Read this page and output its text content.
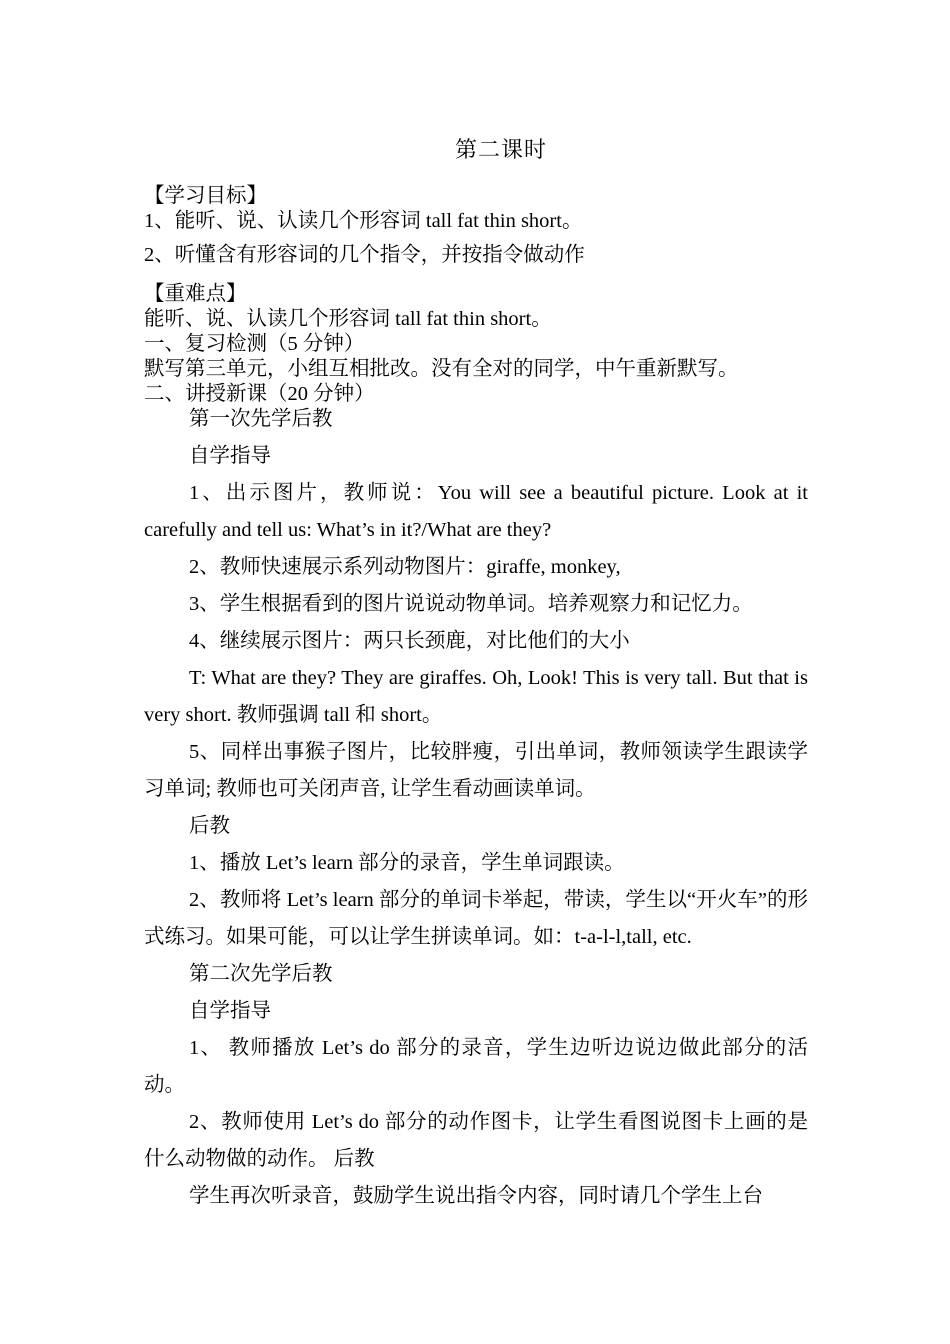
第二课时

【学习目标】

1、能听、说、认读几个形容词 tall fat thin short。

2、听懂含有形容词的几个指令，并按指令做动作

【重难点】

能听、说、认读几个形容词 tall fat thin short。

一、复习检测（5 分钟）

默写第三单元，小组互相批改。没有全对的同学，中午重新默写。

二、讲授新课（20 分钟）

第一次先学后教

自学指导

1、出示图片，教师说：You will see a beautiful picture. Look at it carefully and tell us: What’s in it?/What are they?

2、教师快速展示系列动物图片：giraffe, monkey,

3、学生根据看到的图片说说动物单词。培养观察力和记忆力。

4、继续展示图片：两只长颈鹿，对比他们的大小

T: What are they? They are giraffes. Oh, Look! This is very tall. But that is very short. 教师强调 tall 和 short。

5、同样出事猴子图片，比较胖瘦，引出单词，教师领读学生跟读学习单词; 教师也可关闭声音, 让学生看动画读单词。

后教

1、播放 Let’s learn 部分的录音，学生单词跟读。

2、教师将 Let’s learn 部分的单词卡举起，带读，学生以“开火车”的形式练习。如果可能，可以让学生拼读单词。如：t-a-l-l,tall, etc.

第二次先学后教

自学指导

1、 教师播放 Let’s do 部分的录音，学生边听边说边做此部分的活动。

2、教师使用 Let’s do 部分的动作图卡，让学生看图说图卡上画的是什么动物做的动作。 后教

学生再次听录音，鼓励学生说出指令内容，同时请几个学生上台
